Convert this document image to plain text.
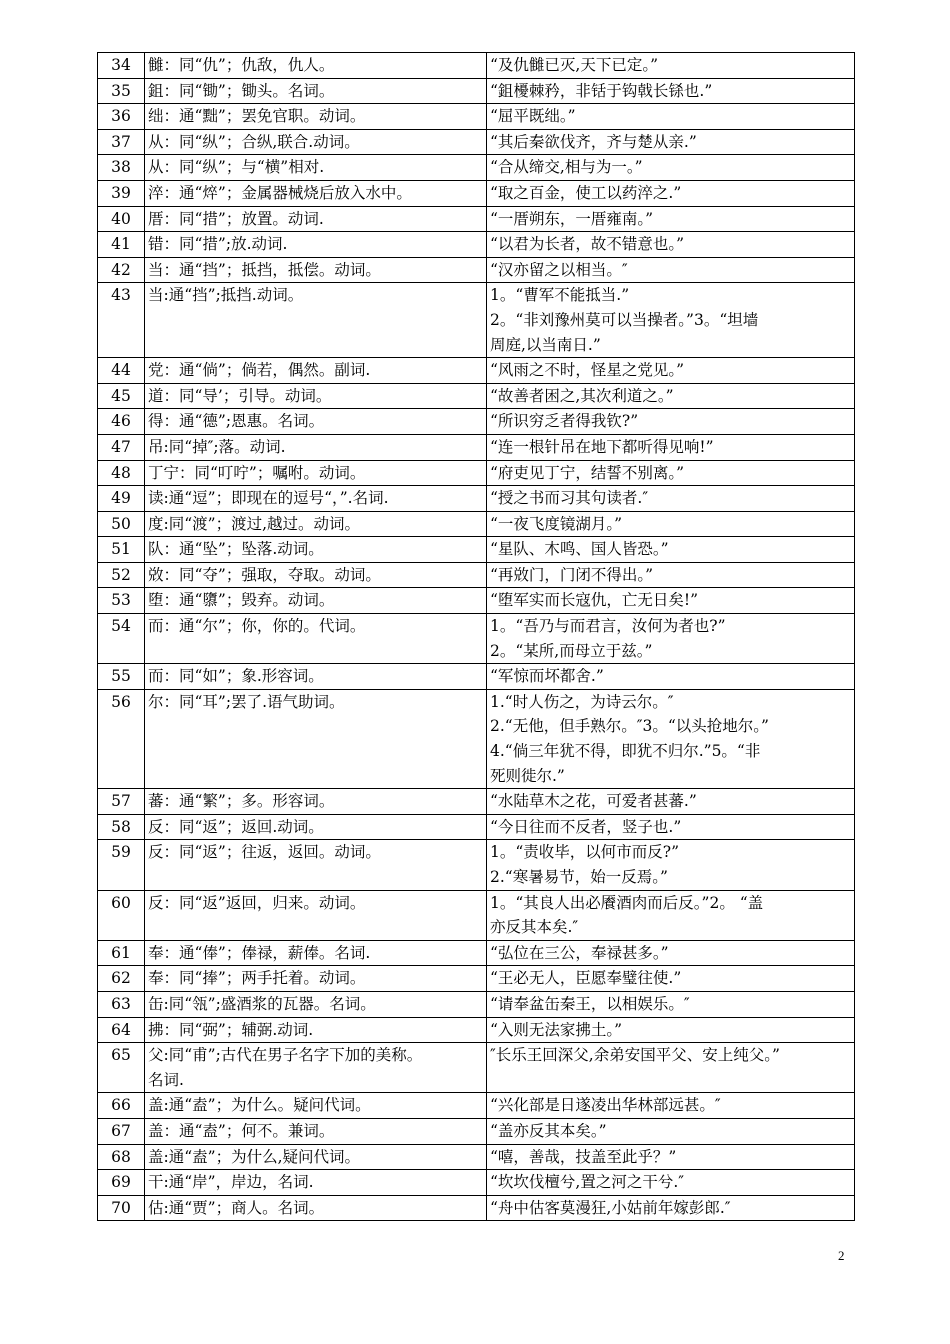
34	雠：同“仇”；仇敌，仇人。	“及仇雠已灭,天下已定。”

35	鉏：同“锄”；锄头。名词。	“鉏櫌棘矜，非铦于钩戟长铩也.”

36	绌：通“黜”；罢免官职。动词。	“屈平既绌。”

37	从：同“纵”；合纵,联合.动词。	“其后秦欲伐齐，齐与楚从亲.”

38	从：同“纵”；与“横”相对.	“合从缔交,相与为一。”

39	淬：通“焠”；金属器械烧后放入水中。	“取之百金，使工以药淬之.”

40	厝：同“措”；放置。动词.	“一厝朔东，一厝雍南。”

41	错：同“措”;放.动词.	“以君为长者，故不错意也。”

42	当：通“挡”；抵挡，抵偿。动词。	“汉亦留之以相当。″

43	当:通“挡”;抵挡.动词。	1。“曹军不能抵当.”
2。“非刘豫州莫可以当操者。”3。“坦墙
周庭,以当南日.”

44	党：通“倘”；倘若，偶然。副词.	“风雨之不时，怪星之党见。”

45	道：同“导’；引导。动词。	“故善者困之,其次利道之。”

46	得：通“德”;恩惠。名词。	“所识穷乏者得我钦?”

47	吊:同“掉″;落。动词.	“连一根针吊在地下都听得见响!”

48	丁宁：同“叮咛”；嘱咐。动词。	“府吏见丁宁，结誓不别离。”

49	读:通“逗”；即现在的逗号“，”.名词.	“授之书而习其句读者.″

50	度:同“渡”；渡过,越过。动词。	“一夜飞度镜湖月。”

51	队：通“坠”；坠落.动词。	“星队、木鸣、国人皆恐。”

52	敚：同“夺”；强取，夺取。动词。	“再敚门，门闭不得出。”

53	堕：通“隳”；毁弃。动词。	“堕军实而长寇仇，亡无日矣!”

54	而：通“尔”；你，你的。代词。	1。“吾乃与而君言，汝何为者也?”
2。“某所,而母立于兹。”

55	而：同“如”；象.形容词。	“军惊而坏都舍.”

56	尔：同“耳”;罢了.语气助词。	1.“时人伤之，为诗云尔。″
2.“无他，但手熟尔。″3。“以头抢地尔。”
4.“倘三年犹不得，即犹不归尔.”5。“非
死则徙尔.”

57	蕃：通“繁”；多。形容词。	“水陆草木之花，可爱者甚蕃.”

58	反：同“返”；返回.动词。	“今日往而不反者，竖子也.”

59	反：同“返”；往返，返回。动词。	1。“责收毕，以何市而反?”
2.“寒暑易节，始一反焉。”

60	反：同“返”返回，归来。动词。	1。“其良人出必餍酒肉而后反。”2。 “盖
亦反其本矣.″

61	奉：通“俸”；俸禄，薪俸。名词.	“弘位在三公，奉禄甚多。”

62	奉：同“捧”；两手托着。动词。	“王必无人，臣愿奉璧往使.”

63	缶:同“瓴”;盛酒浆的瓦器。名词。	“请奉盆缶秦王，以相娱乐。″

64	拂：同“弼”；辅弼.动词.	“入则无法家拂土。”

65	父:同“甫”;古代在男子名字下加的美称。
名词.	″长乐王回深父,余弟安国平父、安上纯父。”

66	盖:通“盍”；为什么。疑问代词。	“兴化部是日遂凌出华林部远甚。″

67	盖：通“盍”；何不。兼词。	“盖亦反其本矣。”

68	盖:通“盍”；为什么,疑问代词。	“嘻，善哉，技盖至此乎？”

69	干:通“岸”，岸边，名词.	“坎坎伐檀兮,置之河之干兮.″

70	估:通“贾”；商人。名词。	“舟中估客莫漫狂,小姑前年嫁彭郎.″
2
